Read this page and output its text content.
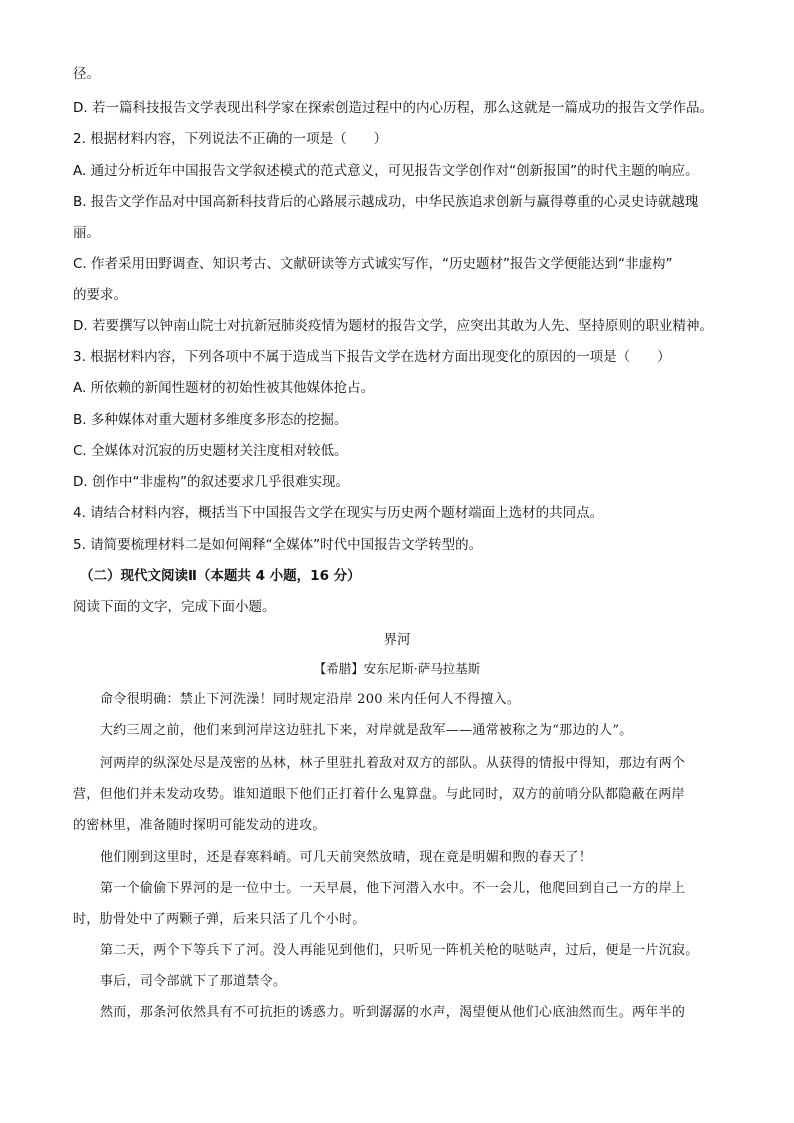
径。
D. 若一篇科技报告文学表现出科学家在探索创造过程中的内心历程，那么这就是一篇成功的报告文学作品。
2. 根据材料内容，下列说法不正确的一项是（　　）
A. 通过分析近年中国报告文学叙述模式的范式意义，可见报告文学创作对“创新报国”的时代主题的响应。
B. 报告文学作品对中国高新科技背后的心路展示越成功，中华民族追求创新与赢得尊重的心灵史诗就越瑰
丽。
C. 作者采用田野调查、知识考古、文献研读等方式诚实写作，“历史题材”报告文学便能达到“非虚构”
的要求。
D. 若要撰写以钟南山院士对抗新冠肺炎疫情为题材的报告文学，应突出其敢为人先、坚持原则的职业精神。
3. 根据材料内容，下列各项中不属于造成当下报告文学在选材方面出现变化的原因的一项是（　　）
A. 所依赖的新闻性题材的初始性被其他媒体抢占。
B. 多种媒体对重大题材多维度多形态的挖掘。
C. 全媒体对沉寂的历史题材关注度相对较低。
D. 创作中“非虚构”的叙述要求几乎很难实现。
4. 请结合材料内容，概括当下中国报告文学在现实与历史两个题材端面上选材的共同点。
5. 请简要梳理材料二是如何阐释“全媒体”时代中国报告文学转型的。
（二）现代文阅读Ⅱ（本题共 4 小题，16 分）
阅读下面的文字，完成下面小题。
界河
【希腊】安东尼斯·萨马拉基斯
命令很明确：禁止下河洗澡！同时规定沿岸 200 米内任何人不得擅入。
大约三周之前，他们来到河岸这边驻扎下来，对岸就是敌军——通常被称之为“那边的人”。
河两岸的纵深处尽是茂密的丛林，林子里驻扎着敌对双方的部队。从获得的情报中得知，那边有两个
营，但他们并未发动攻势。谁知道眼下他们正打着什么鬼算盘。与此同时，双方的前哨分队都隐蔽在两岸
的密林里，准备随时探明可能发动的进攻。
他们刚到这里时，还是春寒料峭。可几天前突然放晴，现在竟是明媚和煦的春天了！
第一个偷偷下界河的是一位中士。一天早晨，他下河潜入水中。不一会儿，他爬回到自己一方的岸上
时，肋骨处中了两颗子弹，后来只活了几个小时。
第二天，两个下等兵下了河。没人再能见到他们，只听见一阵机关枪的哒哒声，过后，便是一片沉寂。
事后，司令部就下了那道禁令。
然而，那条河依然具有不可抗拒的诱惑力。听到潺潺的水声，渴望便从他们心底油然而生。两年半的
